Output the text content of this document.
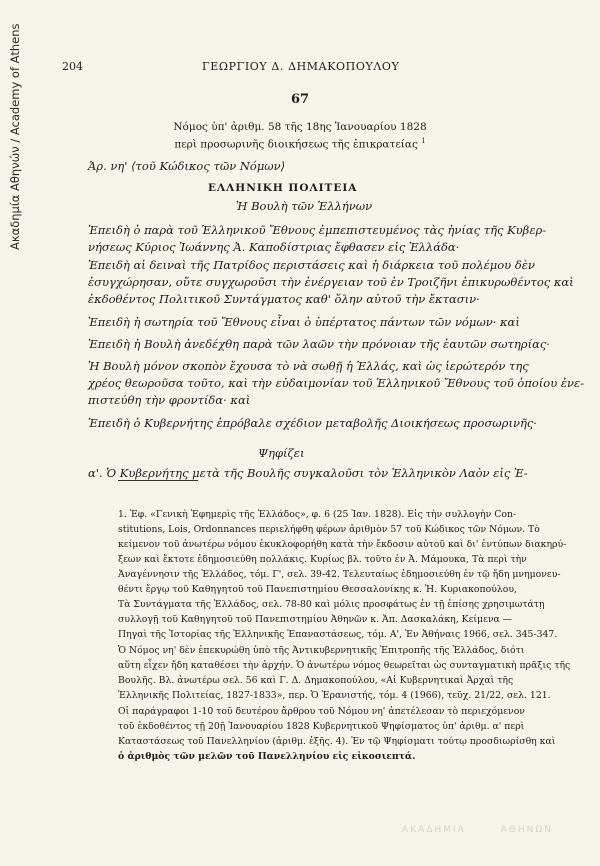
Ακαδημία Αθηνών / Academy of Athens	204	ΓΕΩΡΓΙΟΥ Δ. ΔΗΜΑΚΟΠΟΥΛΟΥ
67
Νόμος ὑπ' ἀριθμ. 58 τῆς 18ης Ἰανουαρίου 1828
περὶ προσωρινῆς διοικήσεως τῆς ἐπικρατείας $^1$
Ἀρ. νη' ⟨τοῦ Κώδικος τῶν Νόμων⟩
ΕΛΛΗΝΙΚΗ ΠΟΛΙΤΕΙΑ
Ἡ Βουλὴ τῶν Ἑλλήνων
Ἐπειδὴ ὁ παρὰ τοῦ Ἑλληνικοῦ Ἔθνους ἐμπεπιστευμένος τὰς ἡνίας τῆς Κυβερ-
νήσεως Κύριος Ἰωάννης Ἀ. Καποδίστριας ἔφθασεν εἰς Ἑλλάδα·
Ἐπειδὴ αἱ δειναὶ τῆς Πατρίδος περιστάσεις καὶ ἡ διάρκεια τοῦ πολέμου δὲν
ἐσυγχώρησαν, οὔτε συγχωροῦσι τὴν ἐνέργειαν τοῦ ἐν Τροιζῆνι ἐπικυρωθέντος καὶ
ἐκδοθέντος Πολιτικοῦ Συντάγματος καθ' ὅλην αὐτοῦ τὴν ἔκτασιν·
Ἐπειδὴ ἡ σωτηρία τοῦ Ἔθνους εἶναι ὁ ὑπέρτατος πάντων τῶν νόμων· καὶ
Ἐπειδὴ ἡ Βουλὴ ἀνεδέχθη παρὰ τῶν λαῶν τὴν πρόνοιαν τῆς ἑαυτῶν σωτηρίας·
Ἡ Βουλὴ μόνον σκοπὸν ἔχουσα τὸ νὰ σωθῇ ἡ Ἑλλάς, καὶ ὡς ἱερώτερόν της
χρέος θεωροῦσα τοῦτο, καὶ τὴν εὐδαιμονίαν τοῦ Ἑλληνικοῦ Ἔθνους τοῦ ὁποίου ἐνε-
πιστεύθη τὴν φροντίδα· καὶ
Ἐπειδὴ ὁ Κυβερνήτης ἐπρόβαλε σχέδιον μεταβολῆς Διοικήσεως προσωρινῆς·
Ψηφίζει
α'. Ὁ Κυβερνήτης μετὰ τῆς Βουλῆς συγκαλοῦσι τὸν Ἑλληνικὸν Λαὸν εἰς Ἐ-
1. Ἐφ. «Γενικὴ Ἐφημερὶς τῆς Ἑλλάδος», φ. 6 (25 Ἰαν. 1828). Εἰς τὴν συλλογὴν Con-
stitutions, Lois, Ordonnances περιελήφθη φέρων ἀριθμὸν 57 τοῦ Κώδικος τῶν Νόμων. Τὸ
κείμενον τοῦ ἀνωτέρω νόμου ἐκυκλοφορήθη κατὰ τὴν ἔκδοσιν αὐτοῦ καὶ δι' ἐντύπων διακηρύ-
ξεων καὶ ἔκτοτε ἐδημοσιεύθη πολλάκις. Κυρίως βλ. τοῦτο ἐν Ἀ. Μάμουκα, Τὰ περὶ τὴν
Ἀναγέννησιν τῆς Ἑλλάδος, τόμ. Γ', σελ. 39-42. Τελευταίως ἐδημοσιεύθη ἐν τῷ ἤδη μνημονευ-
θέντι ἔργῳ τοῦ Καθηγητοῦ τοῦ Πανεπιστημίου Θεσσαλονίκης κ. Ἠ. Κυριακοπούλου,
Τὰ Συντάγματα τῆς Ἑλλάδος, σελ. 78-80 καὶ μόλις προσφάτως ἐν τῇ ἐπίσης χρησιμωτάτῃ
συλλογῇ τοῦ Καθηγητοῦ τοῦ Πανεπιστημίου Ἀθηνῶν κ. Ἀπ. Δασκαλάκη, Κείμενα —
Πηγαὶ τῆς Ἱστορίας τῆς Ἑλληνικῆς Ἐπαναστάσεως, τόμ. Α', Ἐν Ἀθήναις 1966, σελ. 345-347.
Ὁ Νόμος νη' δὲν ἐπεκυρώθη ὑπὸ τῆς Ἀντικυβερνητικῆς Ἐπιτροπῆς τῆς Ἑλλάδος, διότι
αὕτη εἶχεν ἤδη καταθέσει τὴν ἀρχήν. Ὁ ἀνωτέρω νόμος θεωρεῖται ὡς συνταγματικὴ πρᾶξις τῆς
Βουλῆς. Βλ. ἀνωτέρω σελ. 56 καὶ Γ. Δ. Δημακοπούλου, «Αἱ Κυβερνητικαὶ Ἀρχαὶ τῆς
Ἑλληνικῆς Πολιτείας, 1827-1833», περ. Ὁ Ἐρανιστής, τόμ. 4 (1966), τεῦχ. 21/22, σελ. 121.
Οἱ παράγραφοι 1-10 τοῦ δευτέρου ἄρθρου τοῦ Νόμου νη' ἀπετέλεσαν τὸ περιεχόμενον
τοῦ ἐκδοθέντος τῇ 20ῇ Ἰανουαρίου 1828 Κυβερνητικοῦ Ψηφίσματος ὑπ' ἀριθμ. α' περὶ
Καταστάσεως τοῦ Πανελληνίου (ἀριθμ. ἑξῆς. 4). Ἐν τῷ Ψηφίσματι τούτῳ προσδιωρίσθη καὶ
ὁ ἀριθμὸς τῶν μελῶν τοῦ Πανελληνίου εἰς εἰκοσιεπτά.
ΑΚΑΔΗΜΙΑ	ΑΘΗΝΩΝ
